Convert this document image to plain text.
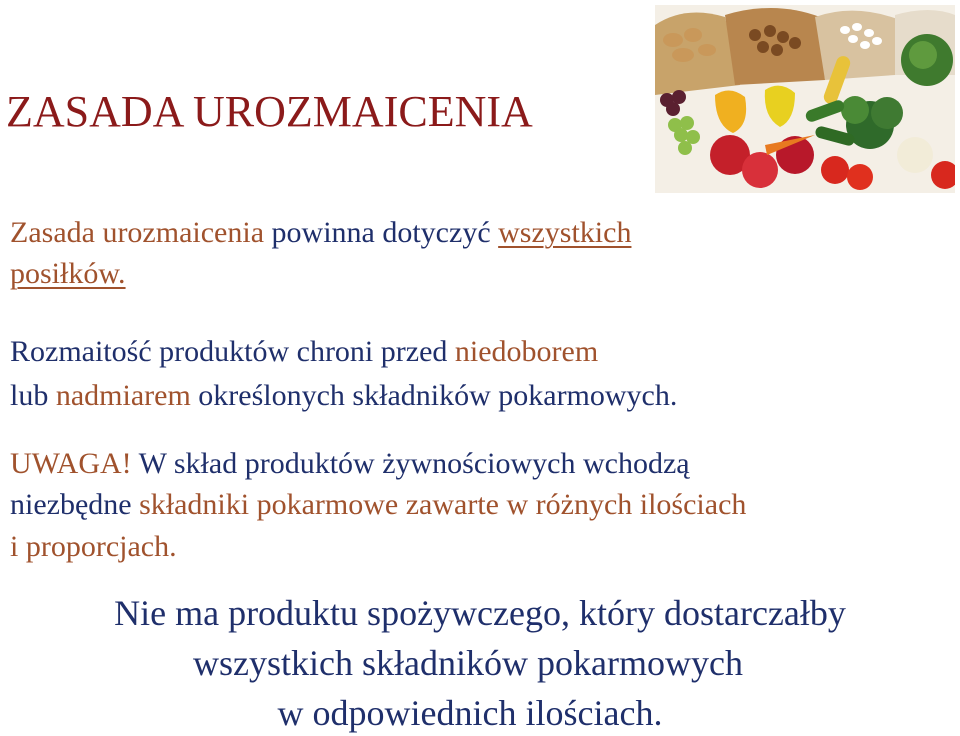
ZASADA UROZMAICENIA
Zasada urozmaicenia powinna dotyczyć wszystkich
posiłków.
Rozmaitość produktów chroni przed niedoborem
lub nadmiarem określonych składników pokarmowych.
UWAGA! W skład produktów żywnościowych wchodzą
niezbędne składniki pokarmowe zawarte w różnych ilościach
i proporcjach.
Nie ma produktu spożywczego, który dostarczałby
wszystkich składników pokarmowych
w odpowiednich ilościach.
